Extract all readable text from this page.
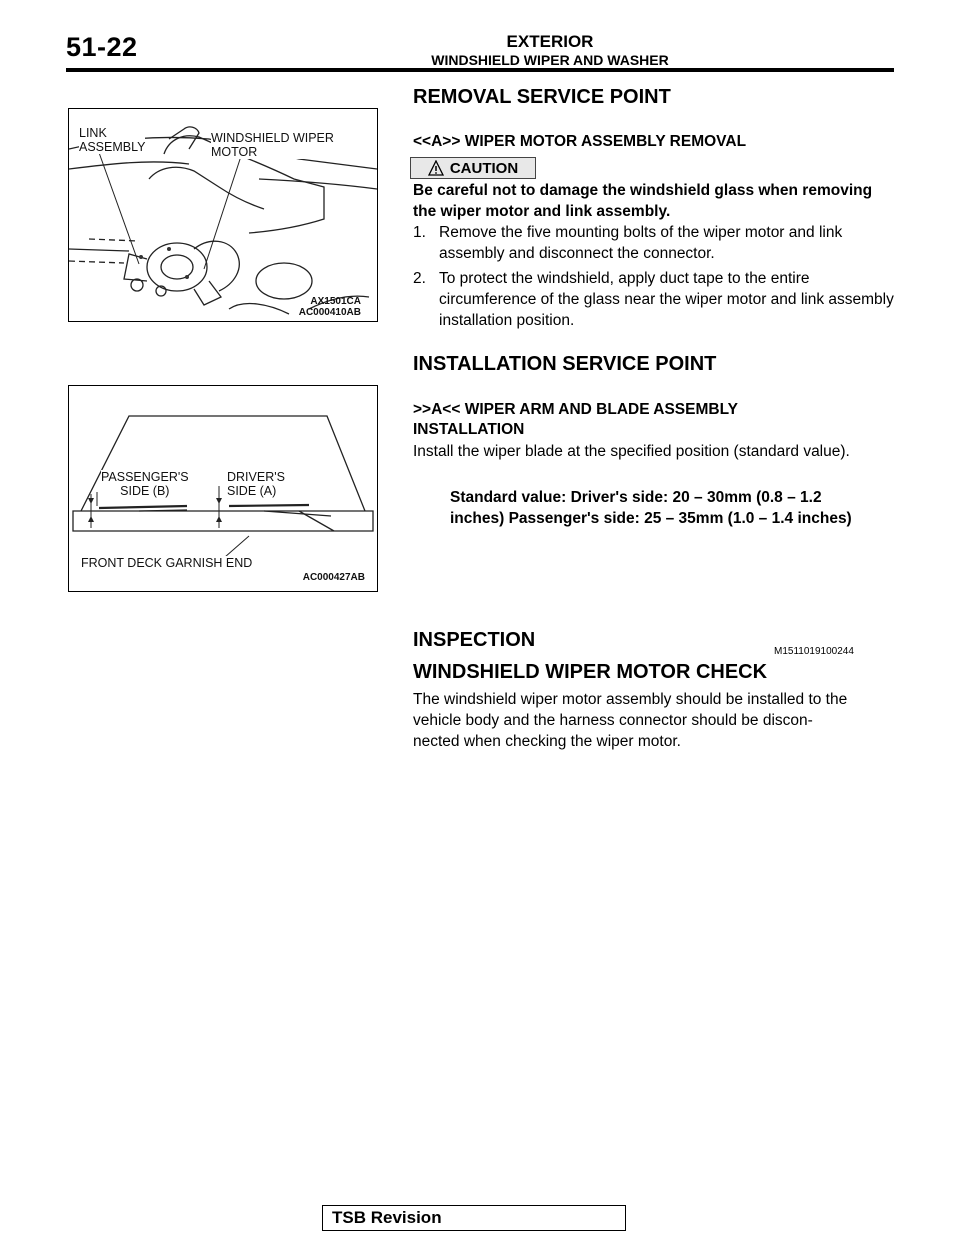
51-22	EXTERIOR
WINDSHIELD WIPER AND WASHER
LINK
ASSEMBLY
WINDSHIELD WIPER
MOTOR
AX1501CA
AC000410AB
PASSENGER'S
SIDE (B)
DRIVER'S
SIDE (A)
FRONT DECK GARNISH END
AC000427AB
REMOVAL SERVICE POINT
<<A>> WIPER MOTOR ASSEMBLY REMOVAL
CAUTION
Be careful not to damage the windshield glass when removing the wiper motor and link assembly.
1. Remove the five mounting bolts of the wiper motor and link assembly and disconnect the connector.
2. To protect the windshield, apply duct tape to the entire circumference of the glass near the wiper motor and link assembly installation position.
INSTALLATION SERVICE POINT
>>A<< WIPER ARM AND BLADE ASSEMBLY
INSTALLATION
Install the wiper blade at the specified position (standard value).
Standard value: Driver's side: 20 – 30mm (0.8 – 1.2
inches) Passenger's side: 25 – 35mm (1.0 – 1.4 inches)
INSPECTION
M1511019100244
WINDSHIELD WIPER MOTOR CHECK
The windshield wiper motor assembly should be installed to the
vehicle body and the harness connector should be discon-
nected when checking the wiper motor.
TSB Revision
